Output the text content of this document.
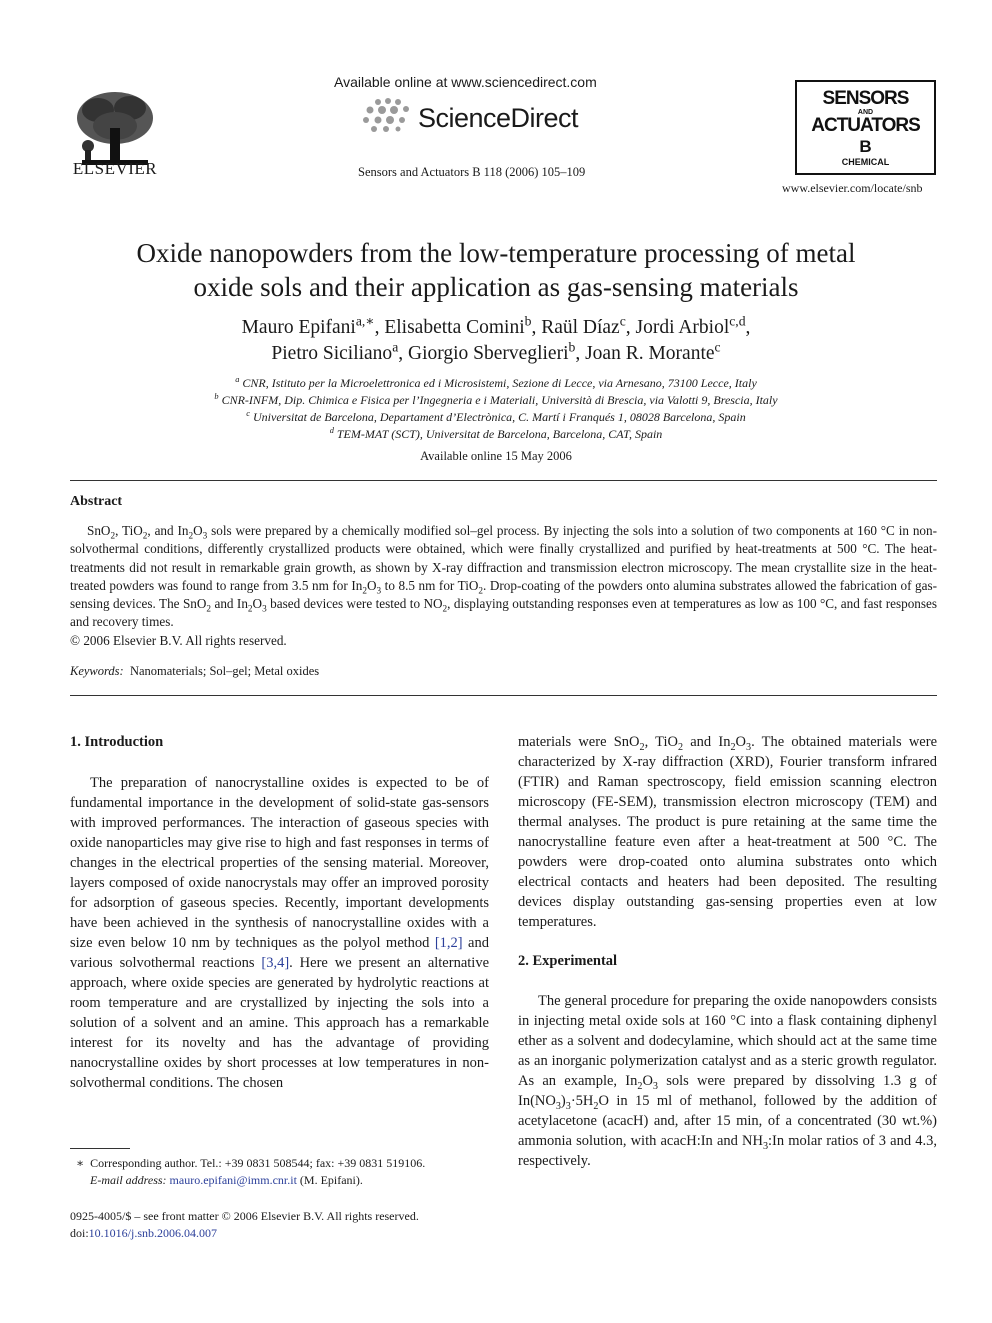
ELSEVIER
Available online at www.sciencedirect.com
ScienceDirect
Sensors and Actuators B 118 (2006) 105–109
SENSORS
AND
ACTUATORS
B
CHEMICAL
www.elsevier.com/locate/snb
Oxide nanopowders from the low-temperature processing of metal
oxide sols and their application as gas-sensing materials
Mauro Epifani$^{a,∗}$, Elisabetta Comini$^b$, Raül Díaz$^c$, Jordi Arbiol$^{c,d}$,
Pietro Siciliano$^a$, Giorgio Sberveglieri$^b$, Joan R. Morante$^c$
$^a$ CNR, Istituto per la Microelettronica ed i Microsistemi, Sezione di Lecce, via Arnesano, 73100 Lecce, Italy
$^b$ CNR-INFM, Dip. Chimica e Fisica per l’Ingegneria e i Materiali, Università di Brescia, via Valotti 9, Brescia, Italy
$^c$ Universitat de Barcelona, Departament d’Electrònica, C. Martí i Franqués 1, 08028 Barcelona, Spain
$^d$ TEM-MAT (SCT), Universitat de Barcelona, Barcelona, CAT, Spain
Available online 15 May 2006
Abstract

SnO$_2$, TiO$_2$, and $In_2O_3$ sols were prepared by a chemically modified sol–gel process. By injecting the sols into a solution of two components at 160 °C in non-solvothermal conditions, differently crystallized products were obtained, which were finally crystallized and purified by heat-treatments at 500 °C. The heat-treatments did not result in remarkable grain growth, as shown by X-ray diffraction and transmission electron microscopy. The mean crystallite size in the heat-treated powders was found to range from 3.5 nm for $In_2O_3$ to 8.5 nm for TiO$_2$. Drop-coating of the powders onto alumina substrates allowed the fabrication of gas-sensing devices. The SnO$_2$ and $In_2O_3$ based devices were tested to $NO_2$, displaying outstanding responses even at temperatures as low as 100 °C, and fast responses and recovery times.

© 2006 Elsevier B.V. All rights reserved.

Keywords: Nanomaterials; Sol–gel; Metal oxides
1. Introduction

The preparation of nanocrystalline oxides is expected to be of fundamental importance in the development of solid-state gas-sensors with improved performances. The interaction of gaseous species with oxide nanoparticles may give rise to high and fast responses in terms of changes in the electrical properties of the sensing material. Moreover, layers composed of oxide nanocrystals may offer an improved porosity for adsorption of gaseous species. Recently, important developments have been achieved in the synthesis of nanocrystalline oxides with a size even below 10 nm by techniques as the polyol method [1,2] and various solvothermal reactions [3,4]. Here we present an alternative approach, where oxide species are generated by hydrolytic reactions at room temperature and are crystallized by injecting the sols into a solution of a solvent and an amine. This approach has a remarkable interest for its novelty and has the advantage of providing nanocrystalline oxides by short processes at low temperatures in non-solvothermal conditions. The chosen

materials were SnO$_2$, TiO$_2$ and $In_2O_3$. The obtained materials were characterized by X-ray diffraction (XRD), Fourier transform infrared (FTIR) and Raman spectroscopy, field emission scanning electron microscopy (FE-SEM), transmission electron microscopy (TEM) and thermal analyses. The product is pure retaining at the same time the nanocrystalline feature even after a heat-treatment at 500 °C. The powders were drop-coated onto alumina substrates onto which electrical contacts and heaters had been deposited. The resulting devices display outstanding gas-sensing properties even at low temperatures.

2. Experimental

The general procedure for preparing the oxide nanopowders consists in injecting metal oxide sols at 160 °C into a flask containing diphenyl ether as a solvent and dodecylamine, which should act at the same time as an inorganic polymerization catalyst and as a steric growth regulator. As an example, $In_2O_3$ sols were prepared by dissolving 1.3 g of $In(NO_3)_3\cdot 5H_2O$ in 15 ml of methanol, followed by the addition of acetylacetone (acacH) and, after 15 min, of a concentrated (30 wt.%) ammonia solution, with acacH:In and $NH_3:In$ molar ratios of 3 and 4.3, respectively.

∗ Corresponding author. Tel.: +39 0831 508544; fax: +39 0831 519106.
E-mail address: mauro.epifani@imm.cnr.it (M. Epifani).
0925-4005/$ – see front matter © 2006 Elsevier B.V. All rights reserved.
doi:10.1016/j.snb.2006.04.007
